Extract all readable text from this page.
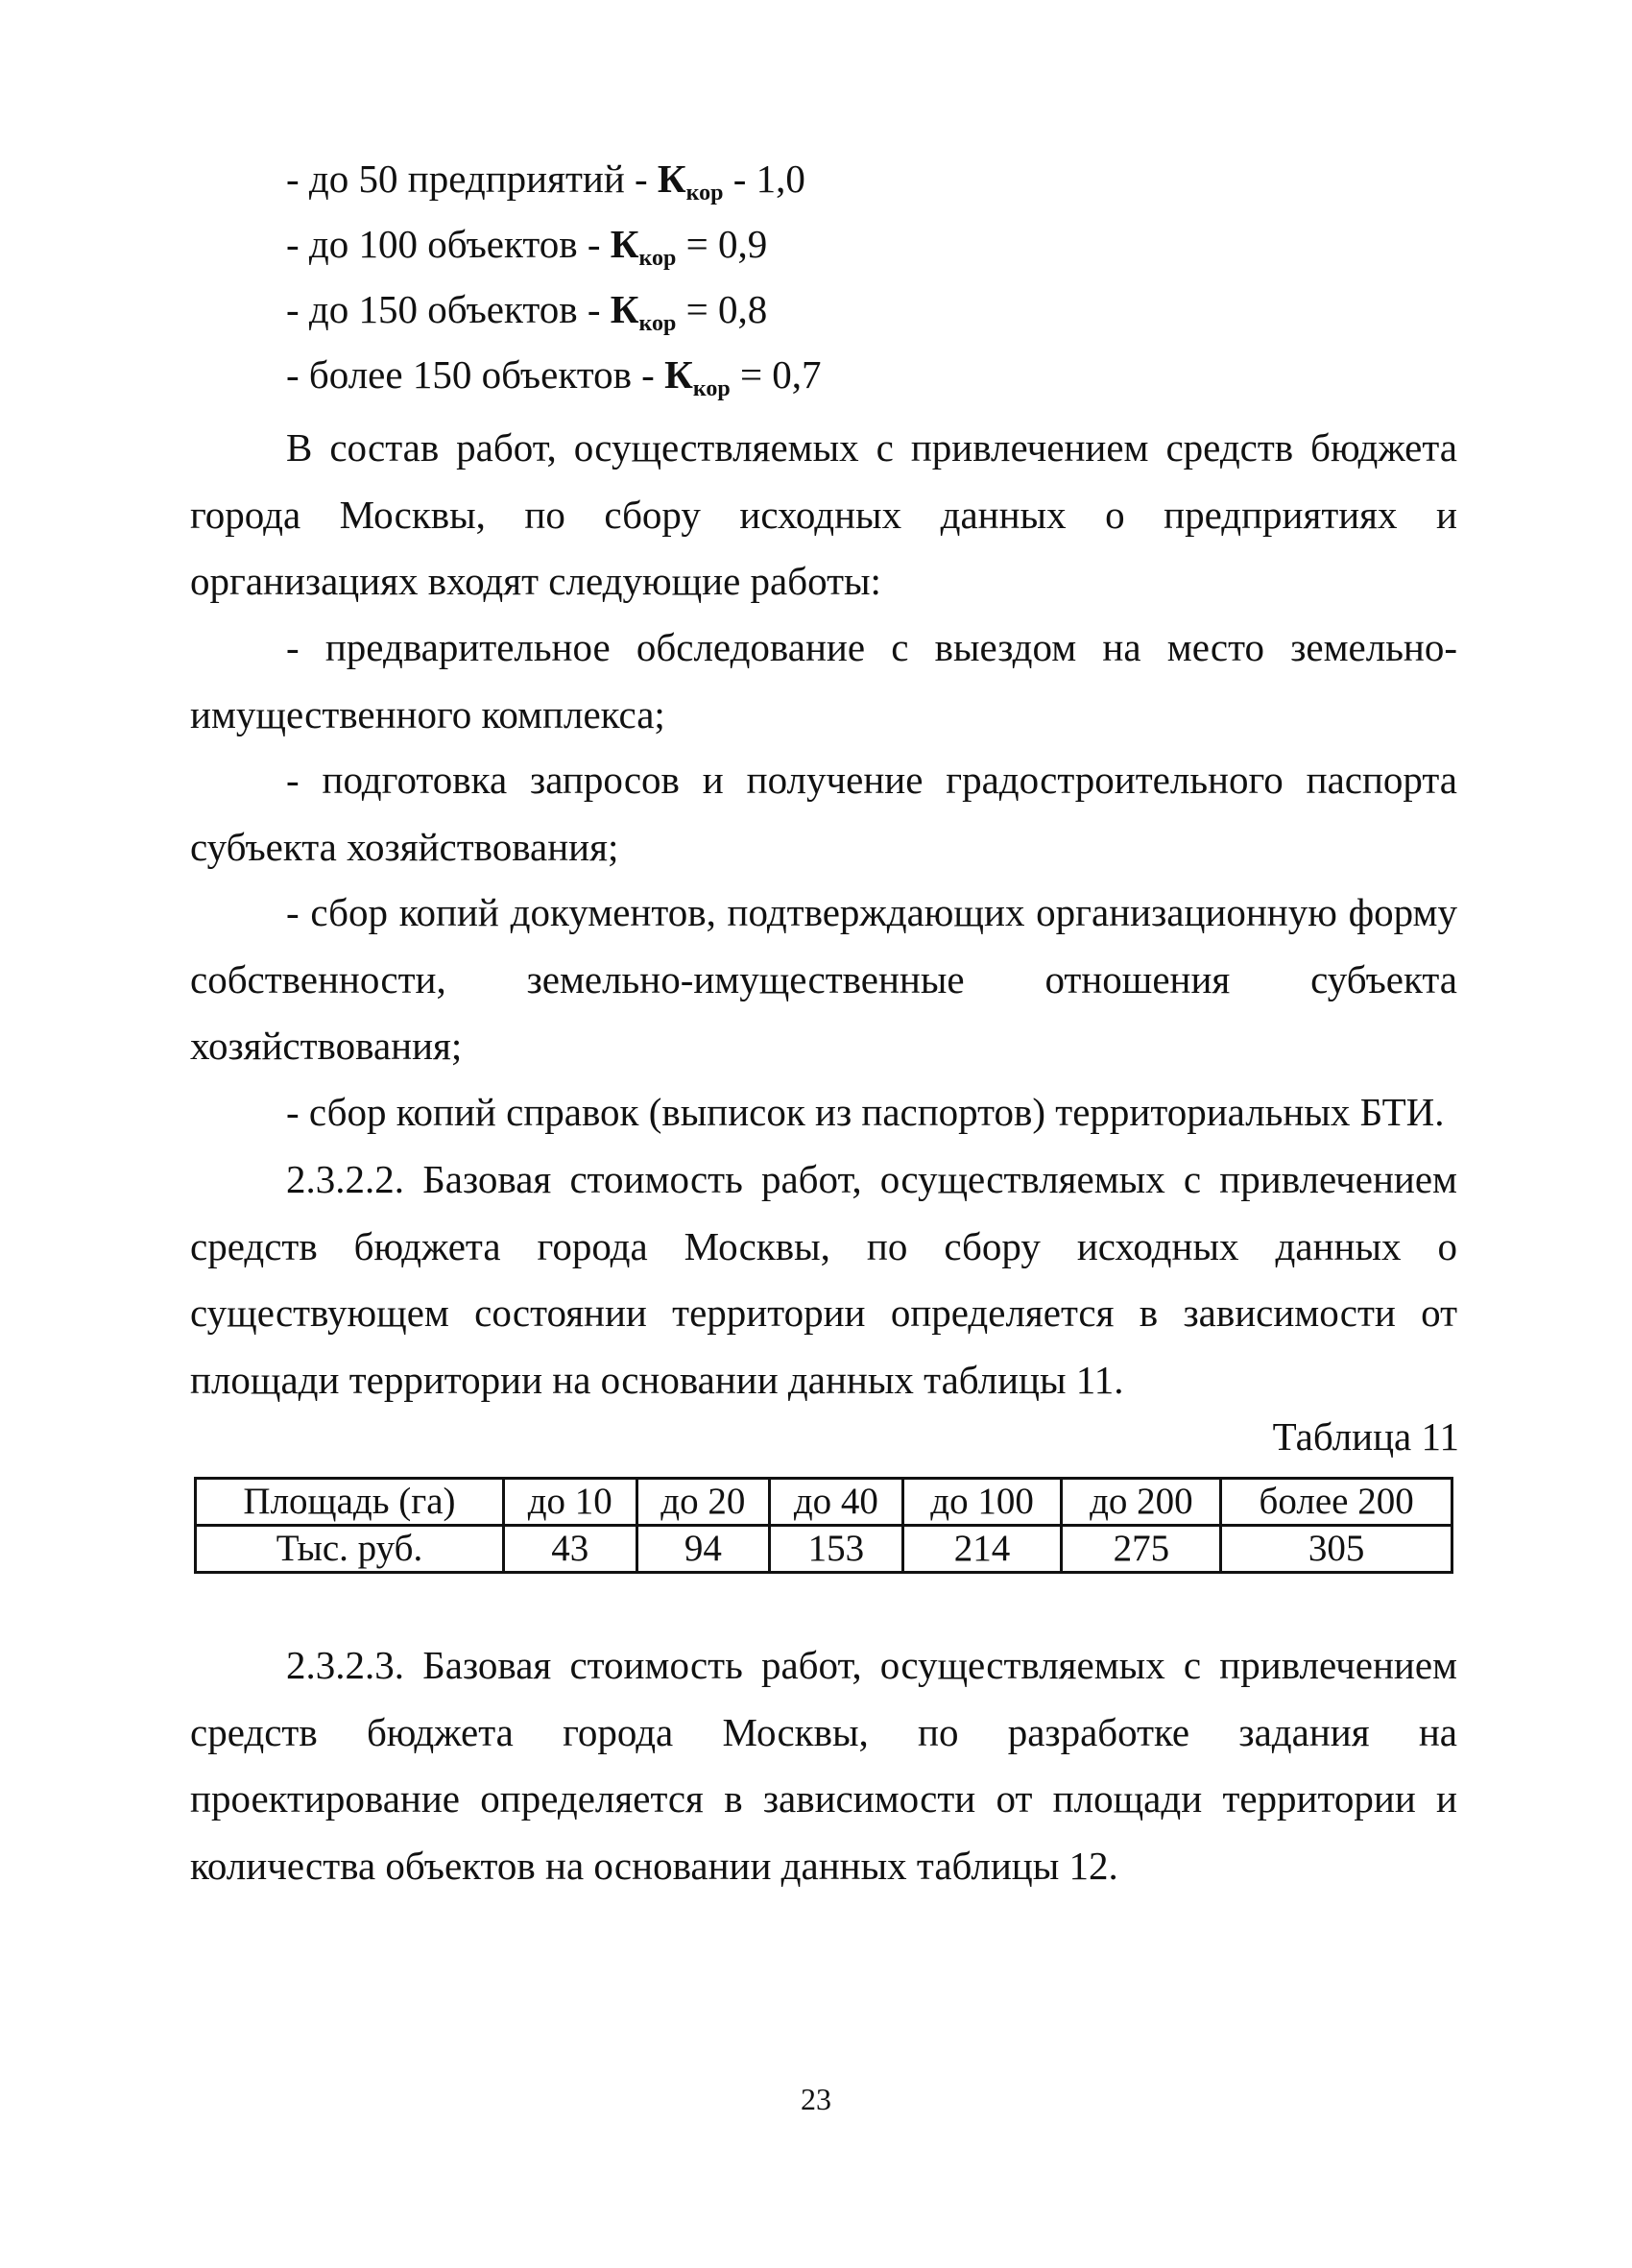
- до 50 предприятий - Ккор - 1,0
- до 100 объектов - Ккор = 0,9
- до 150 объектов - Ккор = 0,8
- более 150 объектов - Ккор = 0,7
В состав работ, осуществляемых с привлечением средств бюджета города Москвы, по сбору исходных данных о предприятиях и организациях входят следующие работы:
- предварительное обследование с выездом на место земельно-имущественного комплекса;
- подготовка запросов и получение градостроительного паспорта субъекта хозяйствования;
- сбор копий документов, подтверждающих организационную форму собственности, земельно-имущественные отношения субъекта хозяйствования;
- сбор копий справок (выписок из паспортов) территориальных БТИ.
2.3.2.2. Базовая стоимость работ, осуществляемых с привлечением средств бюджета города Москвы, по сбору исходных данных о существующем состоянии территории определяется в зависимости от площади территории на основании данных таблицы 11.
Таблица 11
Площадь (га)	до 10	до 20	до 40	до 100	до 200	более 200
Тыс. руб.	43	94	153	214	275	305
2.3.2.3. Базовая стоимость работ, осуществляемых с привлечением средств бюджета города Москвы, по разработке задания на проектирование определяется в зависимости от площади территории и количества объектов на основании данных таблицы 12.
23
